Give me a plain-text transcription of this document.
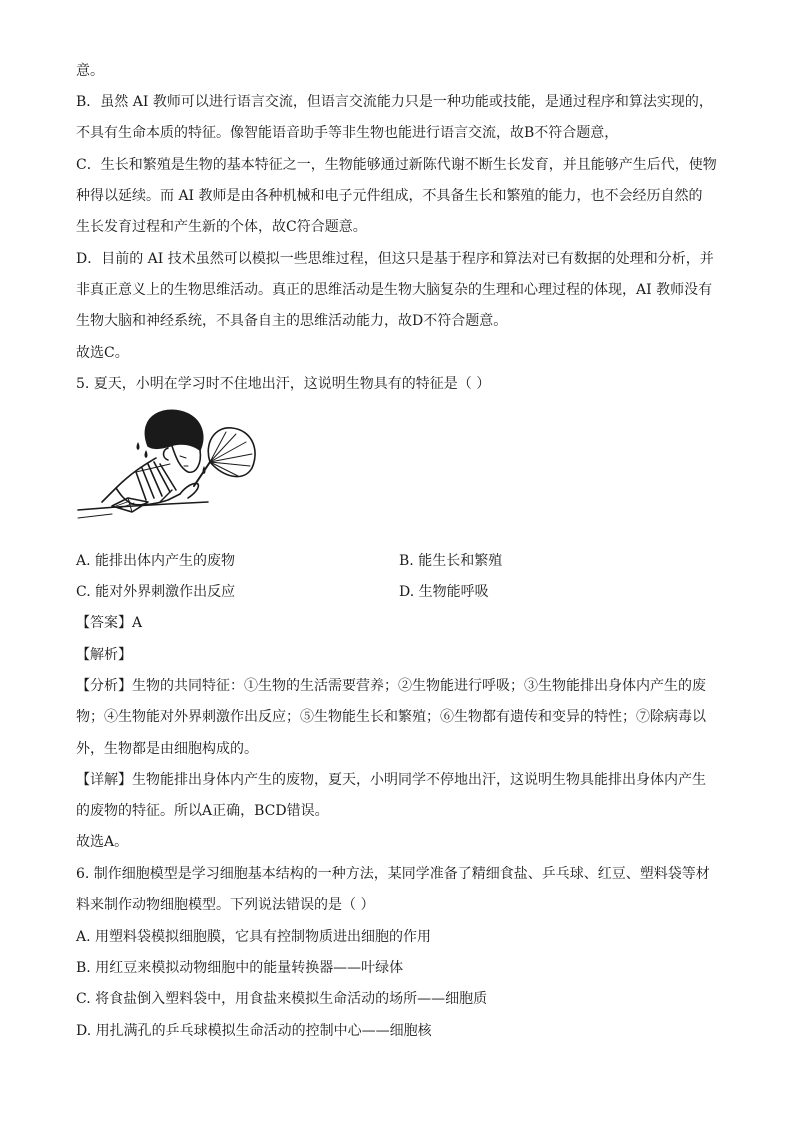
意。
B．虽然 AI 教师可以进行语言交流，但语言交流能力只是一种功能或技能，是通过程序和算法实现的，
不具有生命本质的特征。像智能语音助手等非生物也能进行语言交流，故B不符合题意，
C．生长和繁殖是生物的基本特征之一，生物能够通过新陈代谢不断生长发育，并且能够产生后代，使物
种得以延续。而 AI 教师是由各种机械和电子元件组成，不具备生长和繁殖的能力，也不会经历自然的
生长发育过程和产生新的个体，故C符合题意。
D．目前的 AI 技术虽然可以模拟一些思维过程，但这只是基于程序和算法对已有数据的处理和分析，并
非真正意义上的生物思维活动。真正的思维活动是生物大脑复杂的生理和心理过程的体现，AI 教师没有
生物大脑和神经系统，不具备自主的思维活动能力，故D不符合题意。
故选C。
5. 夏天，小明在学习时不住地出汗，这说明生物具有的特征是（ ）
A. 能排出体内产生的废物	B. 能生长和繁殖
C. 能对外界刺激作出反应	D. 生物能呼吸
【答案】A
【解析】
【分析】生物的共同特征：①生物的生活需要营养；②生物能进行呼吸；③生物能排出身体内产生的废
物；④生物能对外界刺激作出反应；⑤生物能生长和繁殖；⑥生物都有遗传和变异的特性；⑦除病毒以
外，生物都是由细胞构成的。
【详解】生物能排出身体内产生的废物，夏天，小明同学不停地出汗，这说明生物具能排出身体内产生
的废物的特征。所以A正确，BCD错误。
故选A。
6. 制作细胞模型是学习细胞基本结构的一种方法，某同学准备了精细食盐、乒乓球、红豆、塑料袋等材
料来制作动物细胞模型。下列说法错误的是（ ）
A. 用塑料袋模拟细胞膜，它具有控制物质进出细胞的作用
B. 用红豆来模拟动物细胞中的能量转换器——叶绿体
C. 将食盐倒入塑料袋中，用食盐来模拟生命活动的场所——细胞质
D. 用扎满孔的乒乓球模拟生命活动的控制中心——细胞核
